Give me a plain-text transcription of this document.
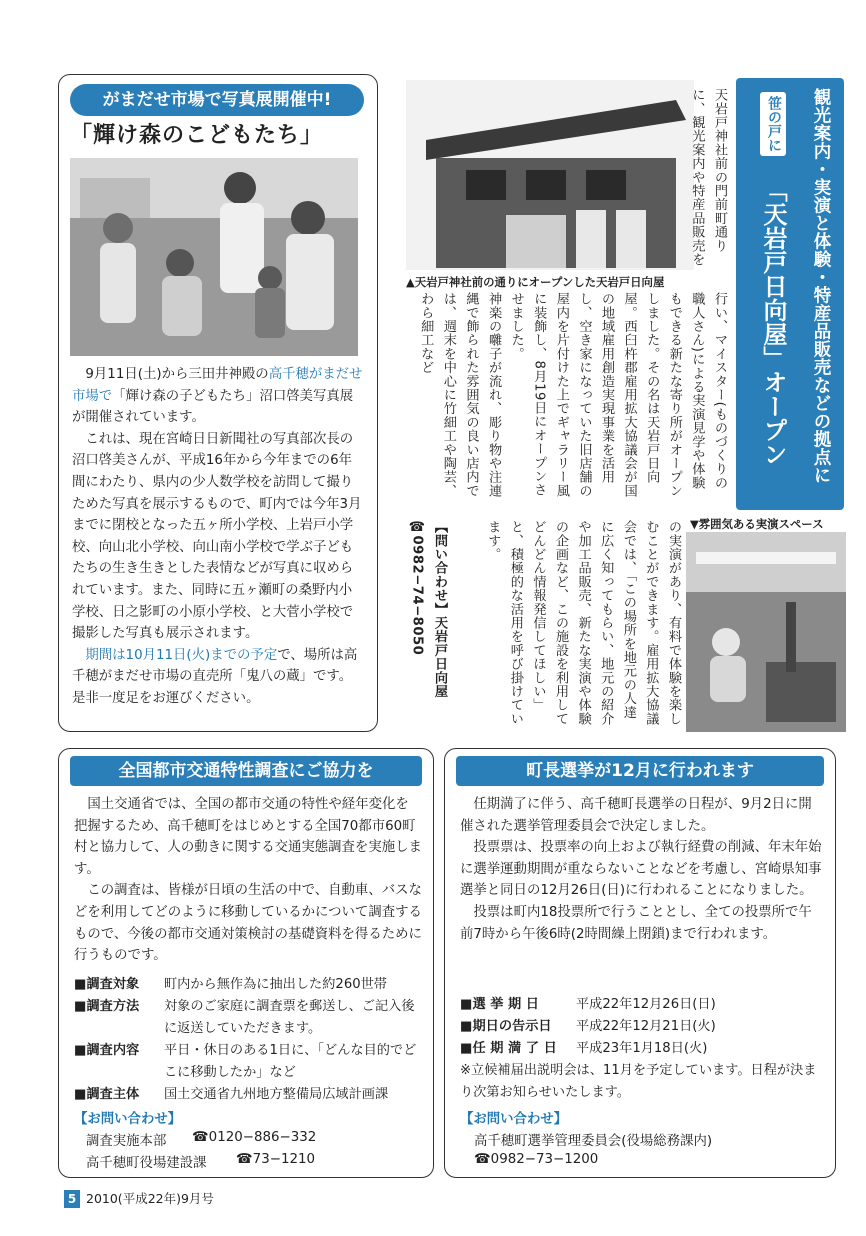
がまだせ市場で写真展開催中!
「輝け森のこどもたち」

9月11日(土)から三田井神殿の高千穂がまだせ市場で「輝け森の子どもたち」沼口啓美写真展が開催されています。

これは、現在宮崎日日新聞社の写真部次長の沼口啓美さんが、平成16年から今年までの6年間にわたり、県内の少人数学校を訪問して撮りためた写真を展示するもので、町内では今年3月までに閉校となった五ヶ所小学校、上岩戸小学校、向山北小学校、向山南小学校で学ぶ子どもたちの生き生きとした表情などが写真に収められています。また、同時に五ヶ瀬町の桑野内小学校、日之影町の小原小学校、と大菅小学校で撮影した写真も展示されます。

期間は10月11日(火)までの予定で、場所は高千穂がまだせ市場の直売所「鬼八の蔵」です。是非一度足をお運びください。

▲天岩戸神社前の通りにオープンした天岩戸日向屋	観光案内・実演と体験・特産品販売などの拠点に
笹の戸に
「天岩戸日向屋」オープン
天岩戸神社前の門前町通りに、観光案内や特産品販売を

行い、マイスター(ものづくりの職人さん)による実演見学や体験もできる新たな寄り所がオープンしました。その名は天岩戸日向屋。西臼杵郡雇用拡大協議会が国の地域雇用創造実現事業を活用し、空き家になっていた旧店舗の屋内を片付けた上でギャラリー風に装飾し、8月19日にオープンさせました。

神楽の囃子が流れ、彫り物や注連縄で飾られた雰囲気の良い店内では、週末を中心に竹細工や陶芸、わら細工など

▼雰囲気ある実演スペース
の実演があり、有料で体験を楽しむことができます。雇用拡大協議会では、「この場所を地元の人達に広く知ってもらい、地元の紹介や加工品販売、新たな実演や体験の企画など、この施設を利用してどんどん情報発信してほしい」と、積極的な活用を呼び掛けています。
【問い合わせ】天岩戸日向屋 ☎0982−74−8050
全国都市交通特性調査にご協力を

国土交通省では、全国の都市交通の特性や経年変化を把握するため、高千穂町をはじめとする全国70都市60町村と協力して、人の動きに関する交通実態調査を実施します。

この調査は、皆様が日頃の生活の中で、自動車、バスなどを利用してどのように移動しているかについて調査するもので、今後の都市交通対策検討の基礎資料を得るために行うものです。

■調査対象 町内から無作為に抽出した約260世帯
■調査方法 対象のご家庭に調査票を郵送し、ご記入後に返送していただきます。
■調査内容 平日・休日のある1日に、「どんな目的でどこに移動したか」など
■調査主体 国土交通省九州地方整備局広域計画課
【お問い合わせ】
調査実施本部 ☎0120−886−332
高千穂町役場建設課 ☎73−1210
町長選挙が12月に行われます

任期満了に伴う、高千穂町長選挙の日程が、9月2日に開催された選挙管理委員会で決定しました。

投票票は、投票率の向上および執行経費の削減、年末年始に選挙運動期間が重ならないことなどを考慮し、宮崎県知事選挙と同日の12月26日(日)に行われることになりました。

投票は町内18投票所で行うこととし、全ての投票所で午前7時から午後6時(2時間繰上閉鎖)まで行われます。

■選 挙 期 日	平成22年12月26日(日)
■期日の告示日 平成22年12月21日(火)
■任 期 満 了 日 平成23年1月18日(火)
※立候補届出説明会は、11月を予定しています。日程が決まり次第お知らせいたします。
【お問い合わせ】
高千穂町選挙管理委員会(役場総務課内)
☎0982−73−1200
5 2010(平成22年)9月号
